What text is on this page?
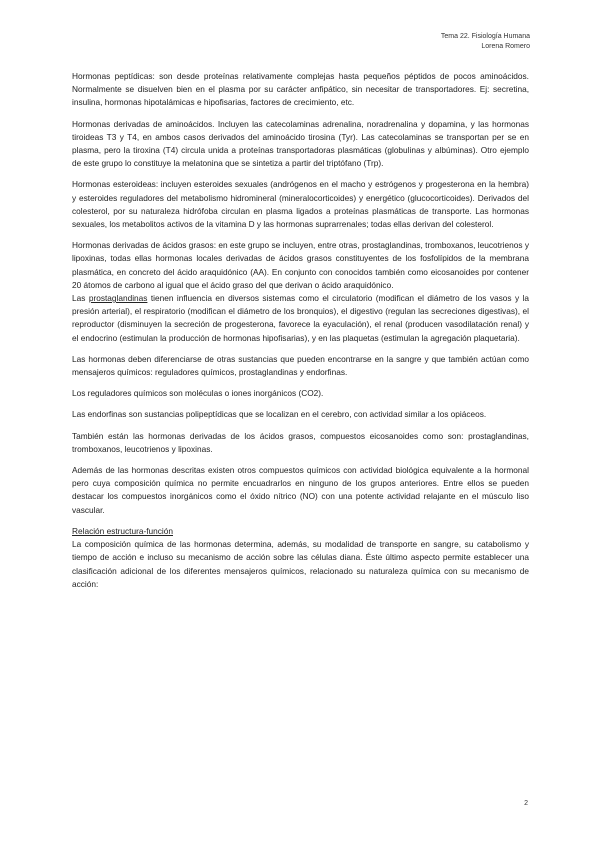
Tema 22. Fisiología Humana
Lorena Romero

Hormonas peptídicas: son desde proteínas relativamente complejas hasta pequeños péptidos de pocos aminoácidos. Normalmente se disuelven bien en el plasma por su carácter anfipático, sin necesitar de transportadores. Ej: secretina, insulina, hormonas hipotalámicas e hipofisarias, factores de crecimiento, etc.

Hormonas derivadas de aminoácidos. Incluyen las catecolaminas adrenalina, noradrenalina y dopamina, y las hormonas tiroideas T3 y T4, en ambos casos derivados del aminoácido tirosina (Tyr). Las catecolaminas se transportan per se en plasma, pero la tiroxina (T4) circula unida a proteínas transportadoras plasmáticas (globulinas y albúminas). Otro ejemplo de este grupo lo constituye la melatonina que se sintetiza a partir del triptófano (Trp).

Hormonas esteroideas: incluyen esteroides sexuales (andrógenos en el macho y estrógenos y progesterona en la hembra) y esteroides reguladores del metabolismo hidromineral (mineralocorticoides) y energético (glucocorticoides). Derivados del colesterol, por su naturaleza hidrófoba circulan en plasma ligados a proteínas plasmáticas de transporte. Las hormonas sexuales, los metabolitos activos de la vitamina D y las hormonas suprarrenales; todas ellas derivan del colesterol.

Hormonas derivadas de ácidos grasos: en este grupo se incluyen, entre otras, prostaglandinas, tromboxanos, leucotrienos y lipoxinas, todas ellas hormonas locales derivadas de ácidos grasos constituyentes de los fosfolípidos de la membrana plasmática, en concreto del ácido araquidónico (AA). En conjunto con conocidos también como eicosanoides por contener 20 átomos de carbono al igual que el ácido graso del que derivan o ácido araquidónico.

Las prostaglandinas tienen influencia en diversos sistemas como el circulatorio (modifican el diámetro de los vasos y la presión arterial), el respiratorio (modifican el diámetro de los bronquios), el digestivo (regulan las secreciones digestivas), el reproductor (disminuyen la secreción de progesterona, favorece la eyaculación), el renal (producen vasodilatación renal) y el endocrino (estimulan la producción de hormonas hipofisarias), y en las plaquetas (estimulan la agregación plaquetaria).

Las hormonas deben diferenciarse de otras sustancias que pueden encontrarse en la sangre y que también actúan como mensajeros químicos: reguladores químicos, prostaglandinas y endorfinas.

Los reguladores químicos son moléculas o iones inorgánicos (CO2).

Las endorfinas son sustancias polipeptídicas que se localizan en el cerebro, con actividad similar a los opiáceos.

También están las hormonas derivadas de los ácidos grasos, compuestos eicosanoides como son: prostaglandinas, tromboxanos, leucotrienos y lipoxinas.

Además de las hormonas descritas existen otros compuestos químicos con actividad biológica equivalente a la hormonal pero cuya composición química no permite encuadrarlos en ninguno de los grupos anteriores. Entre ellos se pueden destacar los compuestos inorgánicos como el óxido nítrico (NO) con una potente actividad relajante en el músculo liso vascular.

Relación estructura-función

La composición química de las hormonas determina, además, su modalidad de transporte en sangre, su catabolismo y tiempo de acción e incluso su mecanismo de acción sobre las células diana. Éste último aspecto permite establecer una clasificación adicional de los diferentes mensajeros químicos, relacionado su naturaleza química con su mecanismo de acción:

2
